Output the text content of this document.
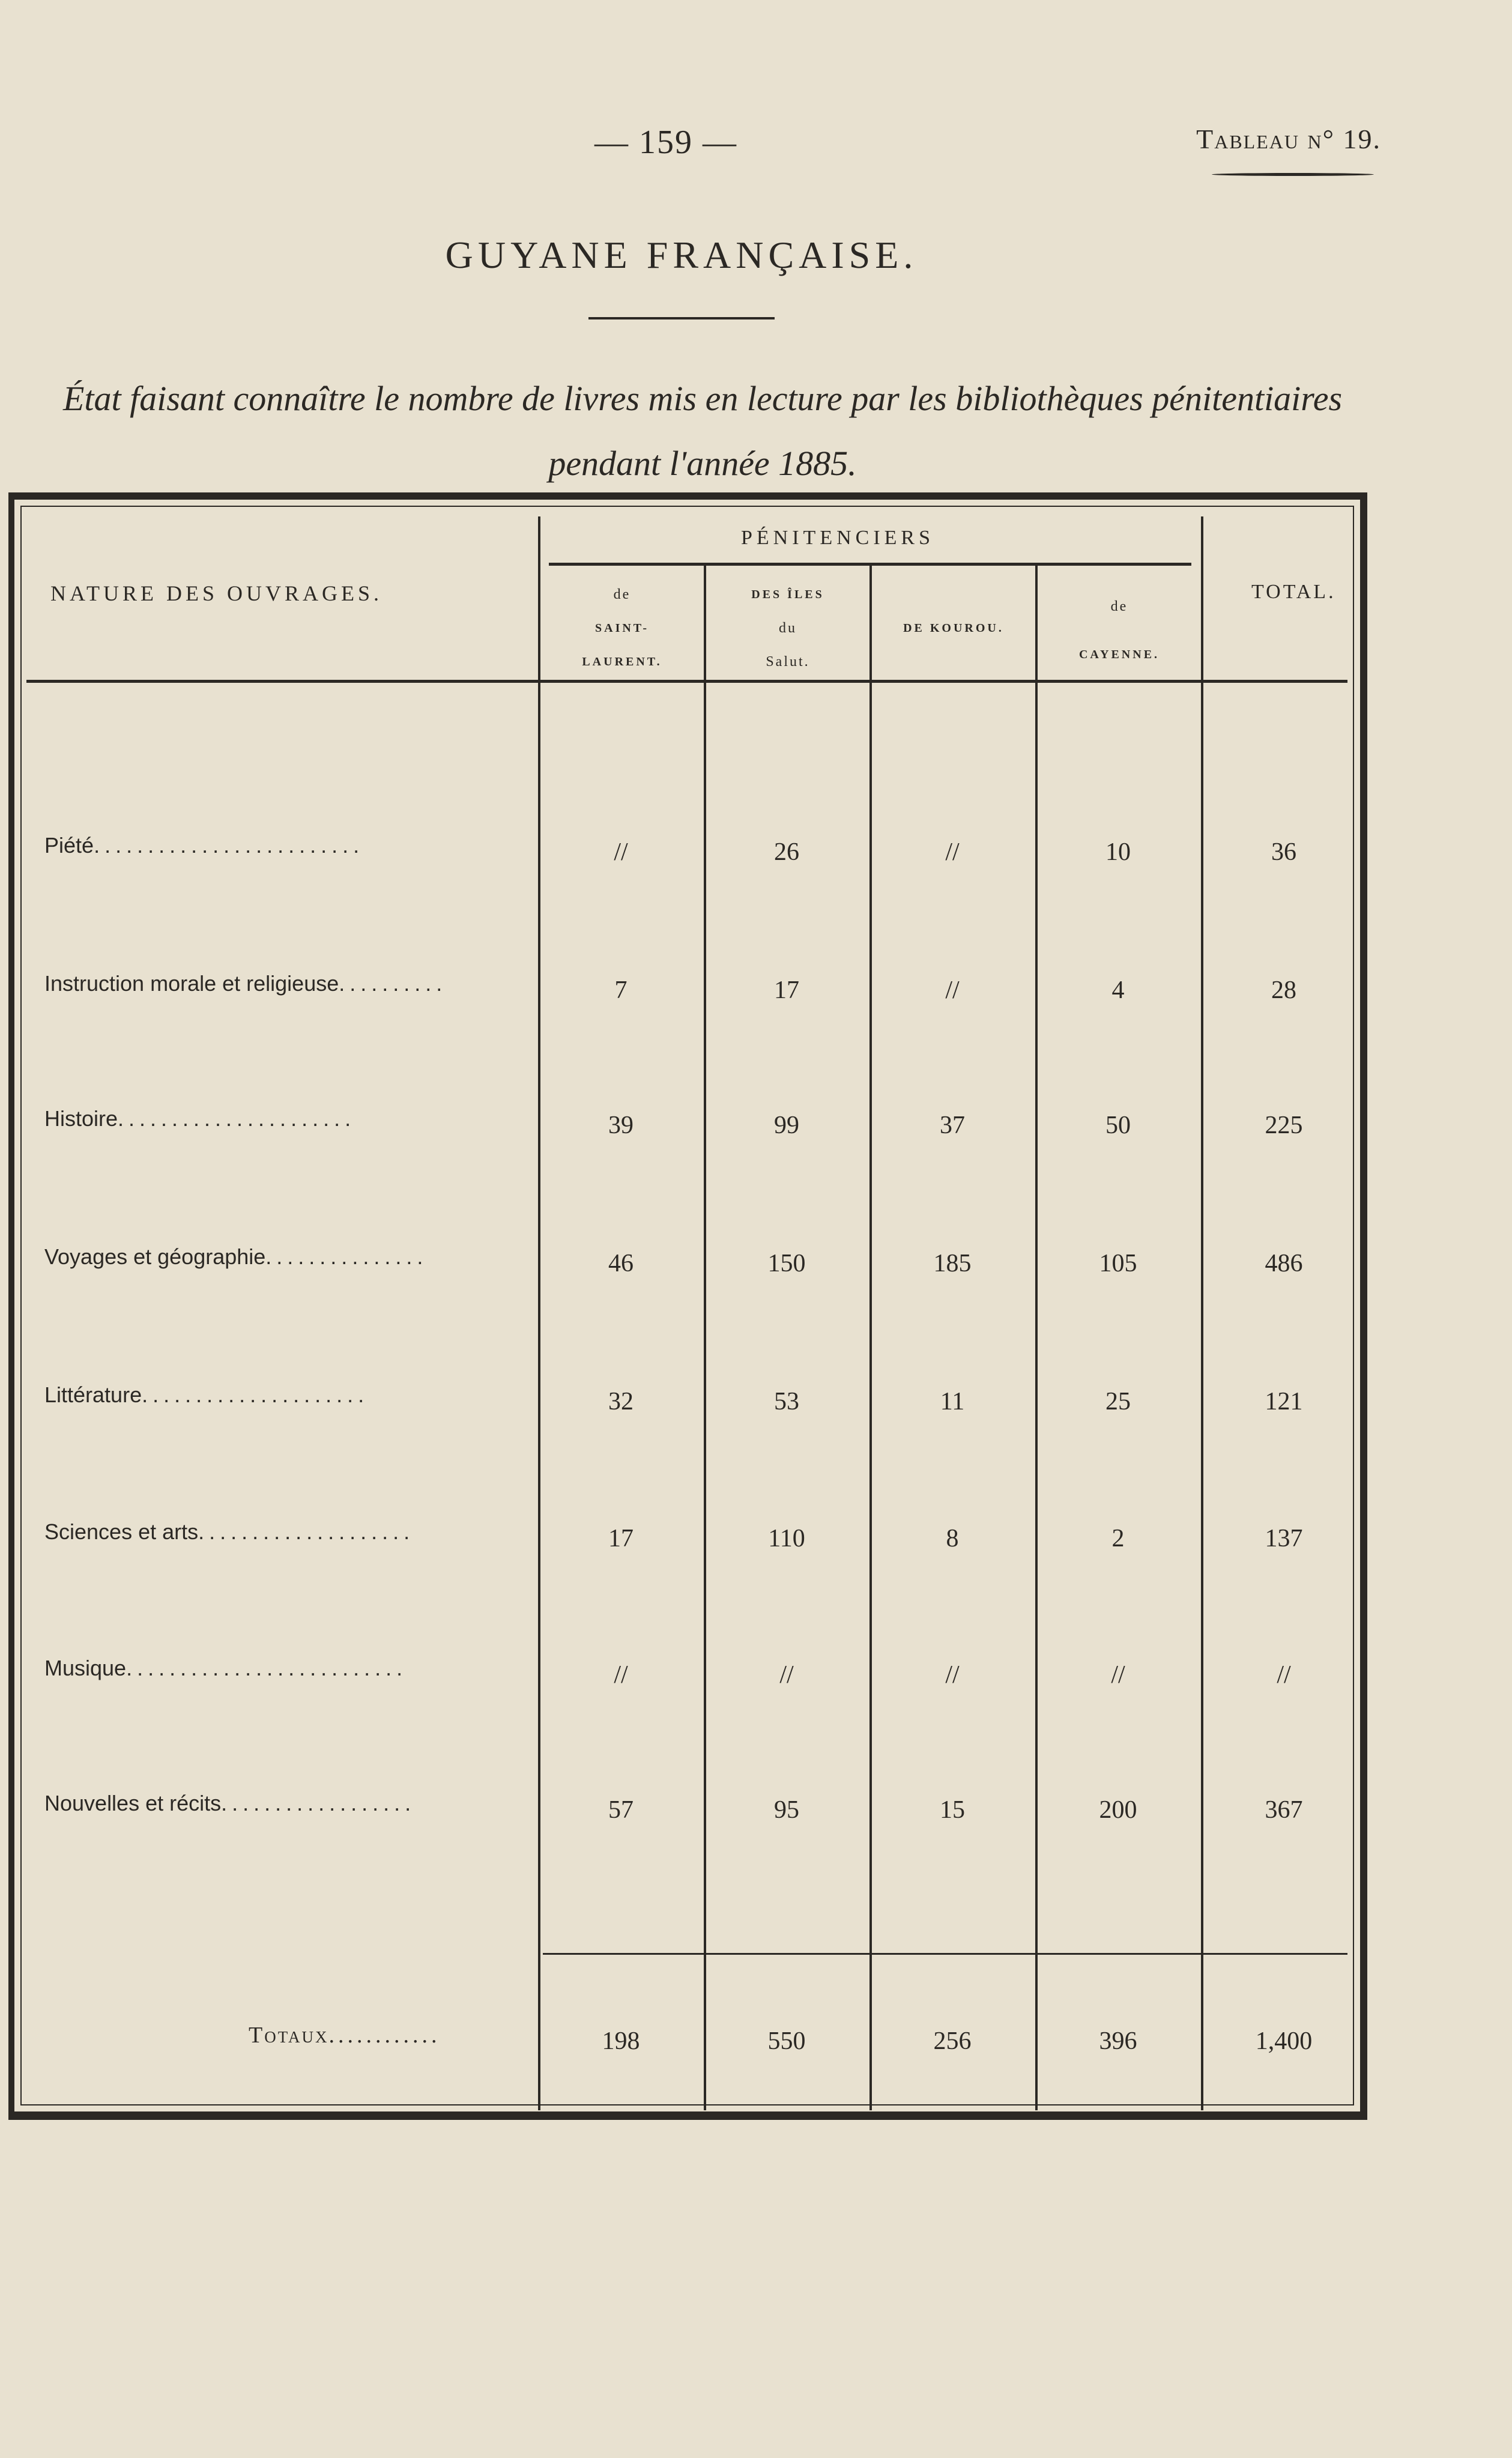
— 159 —	Tableau n° 19.
GUYANE FRANÇAISE.
État faisant connaître le nombre de livres mis en lecture par les bibliothèques pénitentiaires
pendant l'année 1885.
NATURE DES OUVRAGES.
PÉNITENCIERS
de
SAINT-
LAURENT.
DES ÎLES
du
Salut.
DE KOUROU.
de
CAYENNE.
TOTAL.
Piété.........................	//	26	//	10	36
Instruction morale et religieuse..........	7	17	//	4	28
Histoire......................	39	99	37	50	225
Voyages et géographie...............	46	150	185	105	486
Littérature.....................	32	53	11	25	121
Sciences et arts....................	17	110	8	2	137
Musique..........................	//	//	//	//	//
Nouvelles et récits..................	57	95	15	200	367
Totaux............	198	550	256	396	1,400
